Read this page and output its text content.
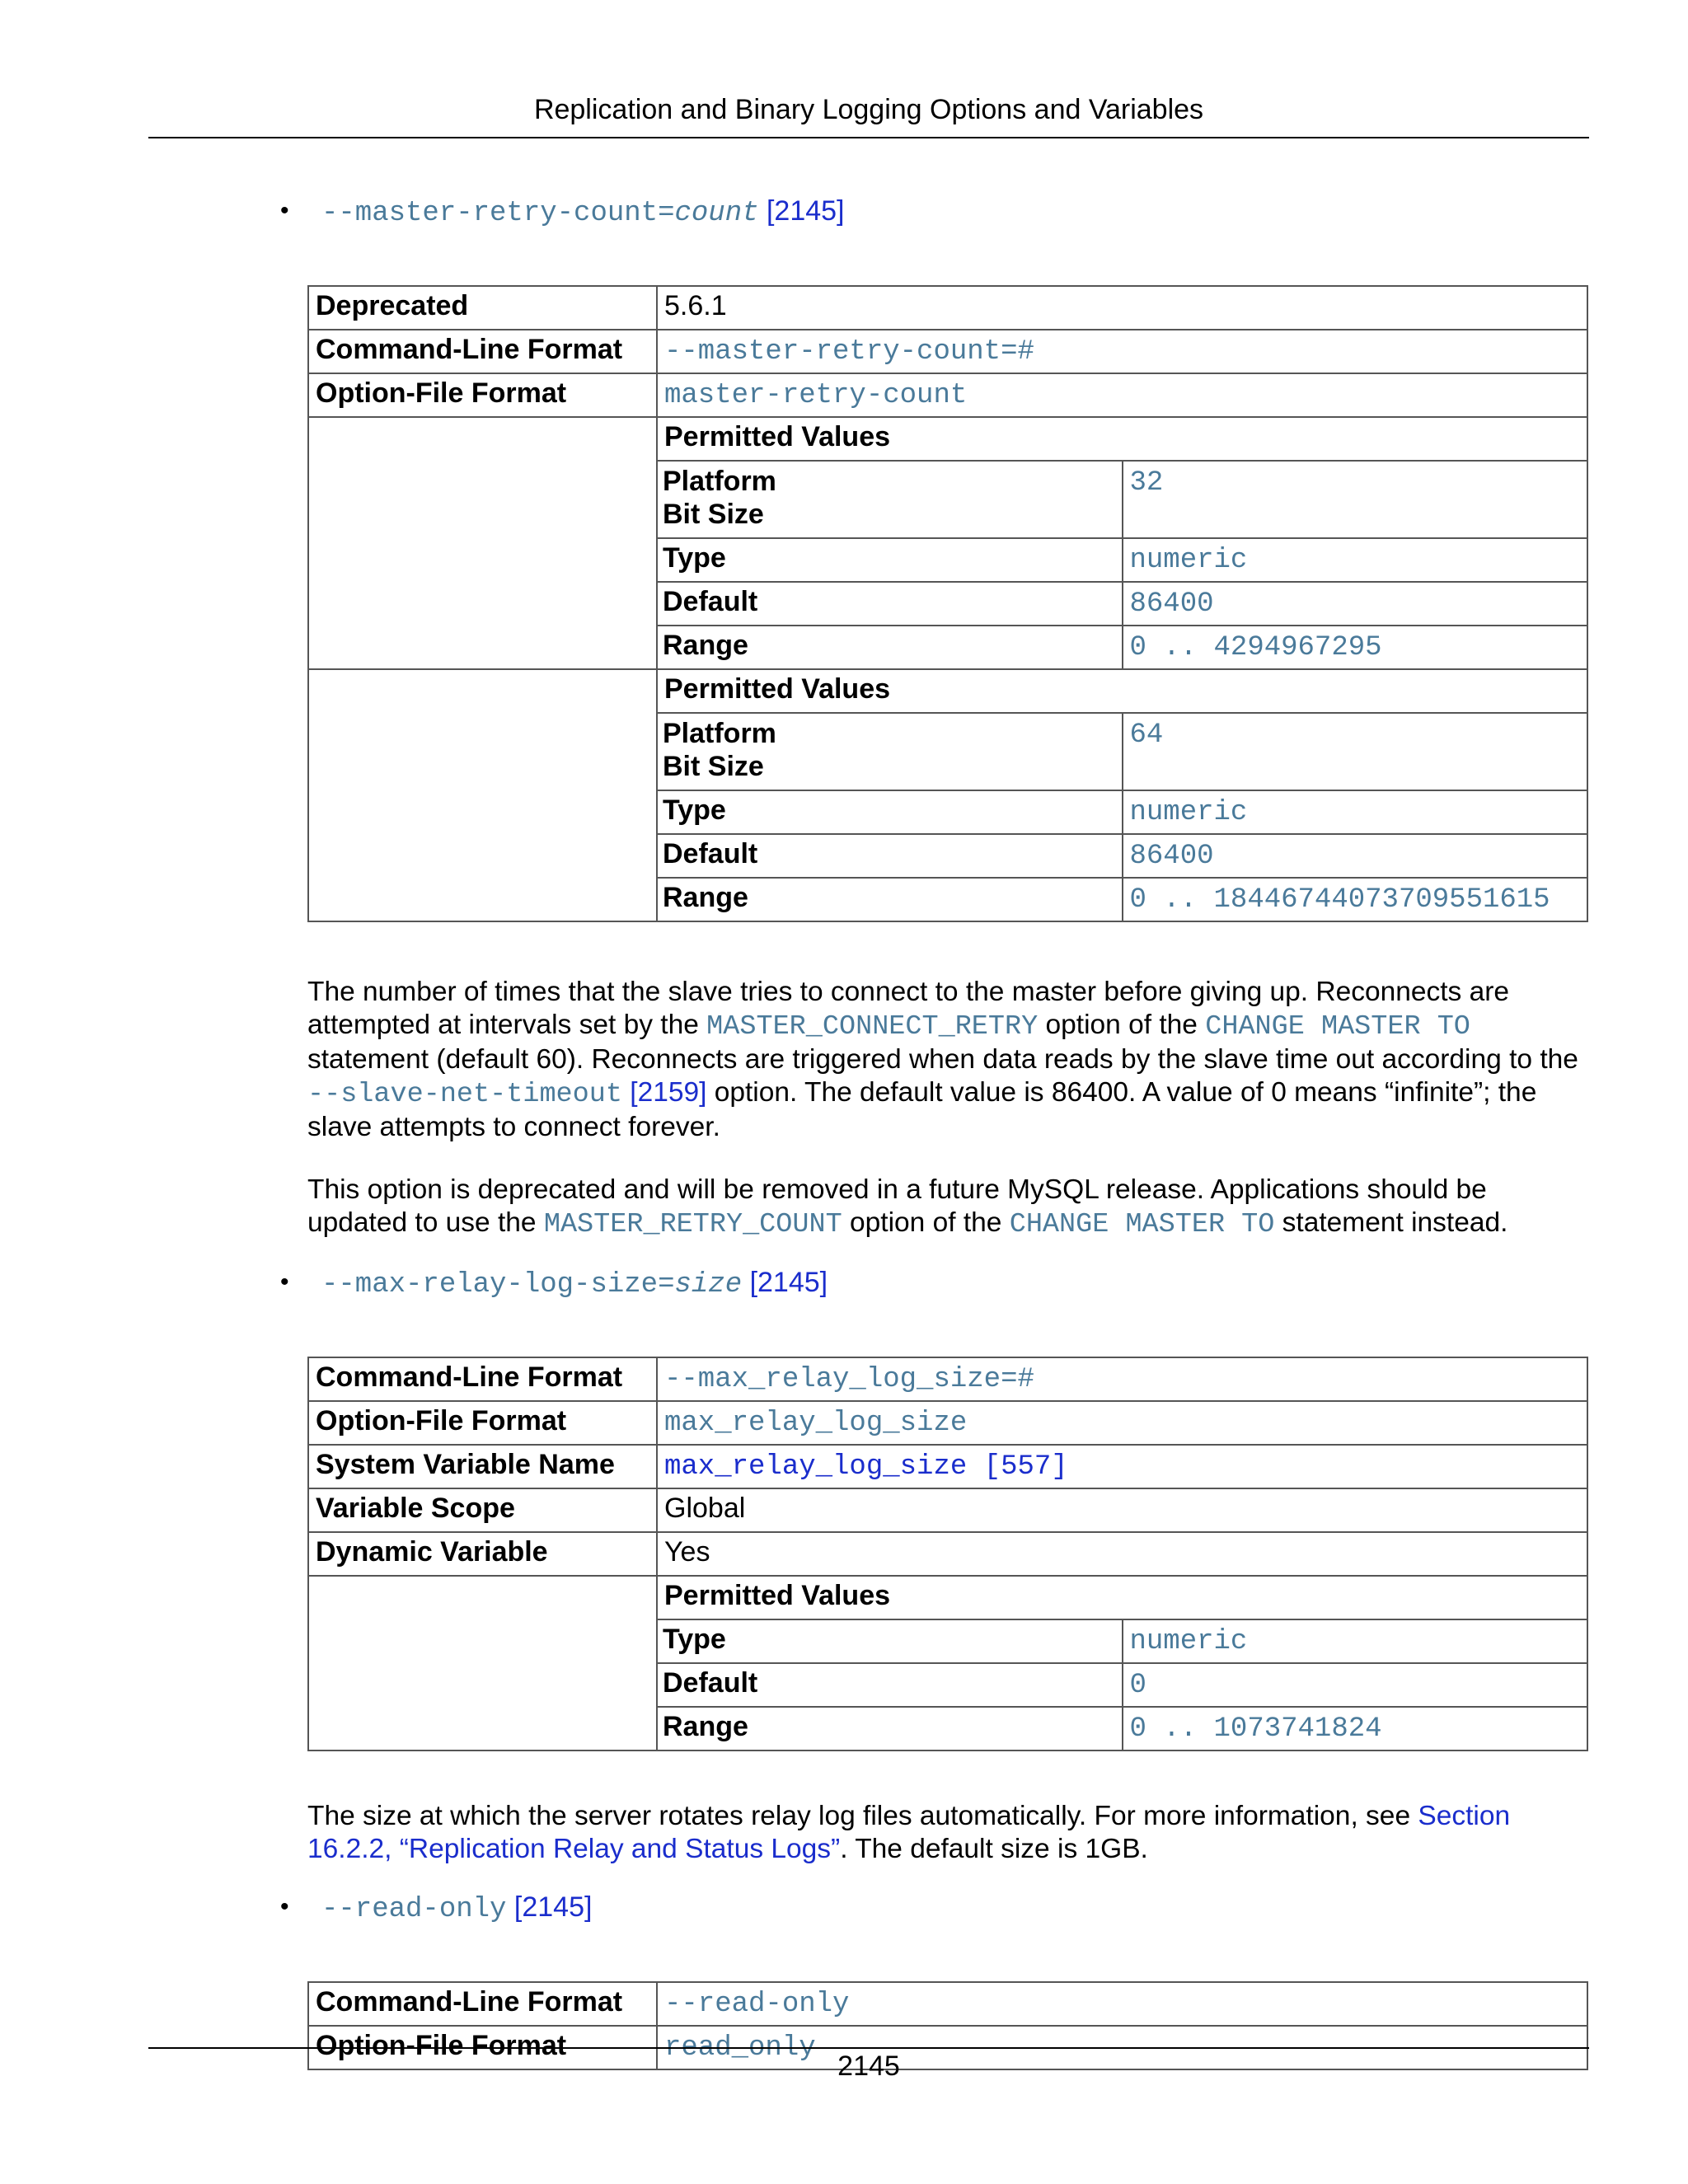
Replication and Binary Logging Options and Variables
• --master-retry-count=count [2145]
Deprecated	5.6.1
Command-Line Format	--master-retry-count=#
Option-File Format	master-retry-count

Permitted Values
Platform
Bit Size	32
Type	numeric
Default	86400
Range	0 .. 4294967295

Permitted Values
Platform
Bit Size	64
Type	numeric
Default	86400
Range	0 .. 18446744073709551615
The number of times that the slave tries to connect to the master before giving up. Reconnects are attempted at intervals set by the MASTER_CONNECT_RETRY option of the CHANGE MASTER TO statement (default 60). Reconnects are triggered when data reads by the slave time out according to the --slave-net-timeout [2159] option. The default value is 86400. A value of 0 means “infinite”; the slave attempts to connect forever.
This option is deprecated and will be removed in a future MySQL release. Applications should be updated to use the MASTER_RETRY_COUNT option of the CHANGE MASTER TO statement instead.
• --max-relay-log-size=size [2145]
Command-Line Format	--max_relay_log_size=#
Option-File Format	max_relay_log_size
System Variable Name	max_relay_log_size [557]
Variable Scope	Global
Dynamic Variable	Yes

Permitted Values
Type	numeric
Default	0
Range	0 .. 1073741824
The size at which the server rotates relay log files automatically. For more information, see Section 16.2.2, “Replication Relay and Status Logs”. The default size is 1GB.
• --read-only [2145]
Command-Line Format	--read-only
Option-File Format	read_only
2145
